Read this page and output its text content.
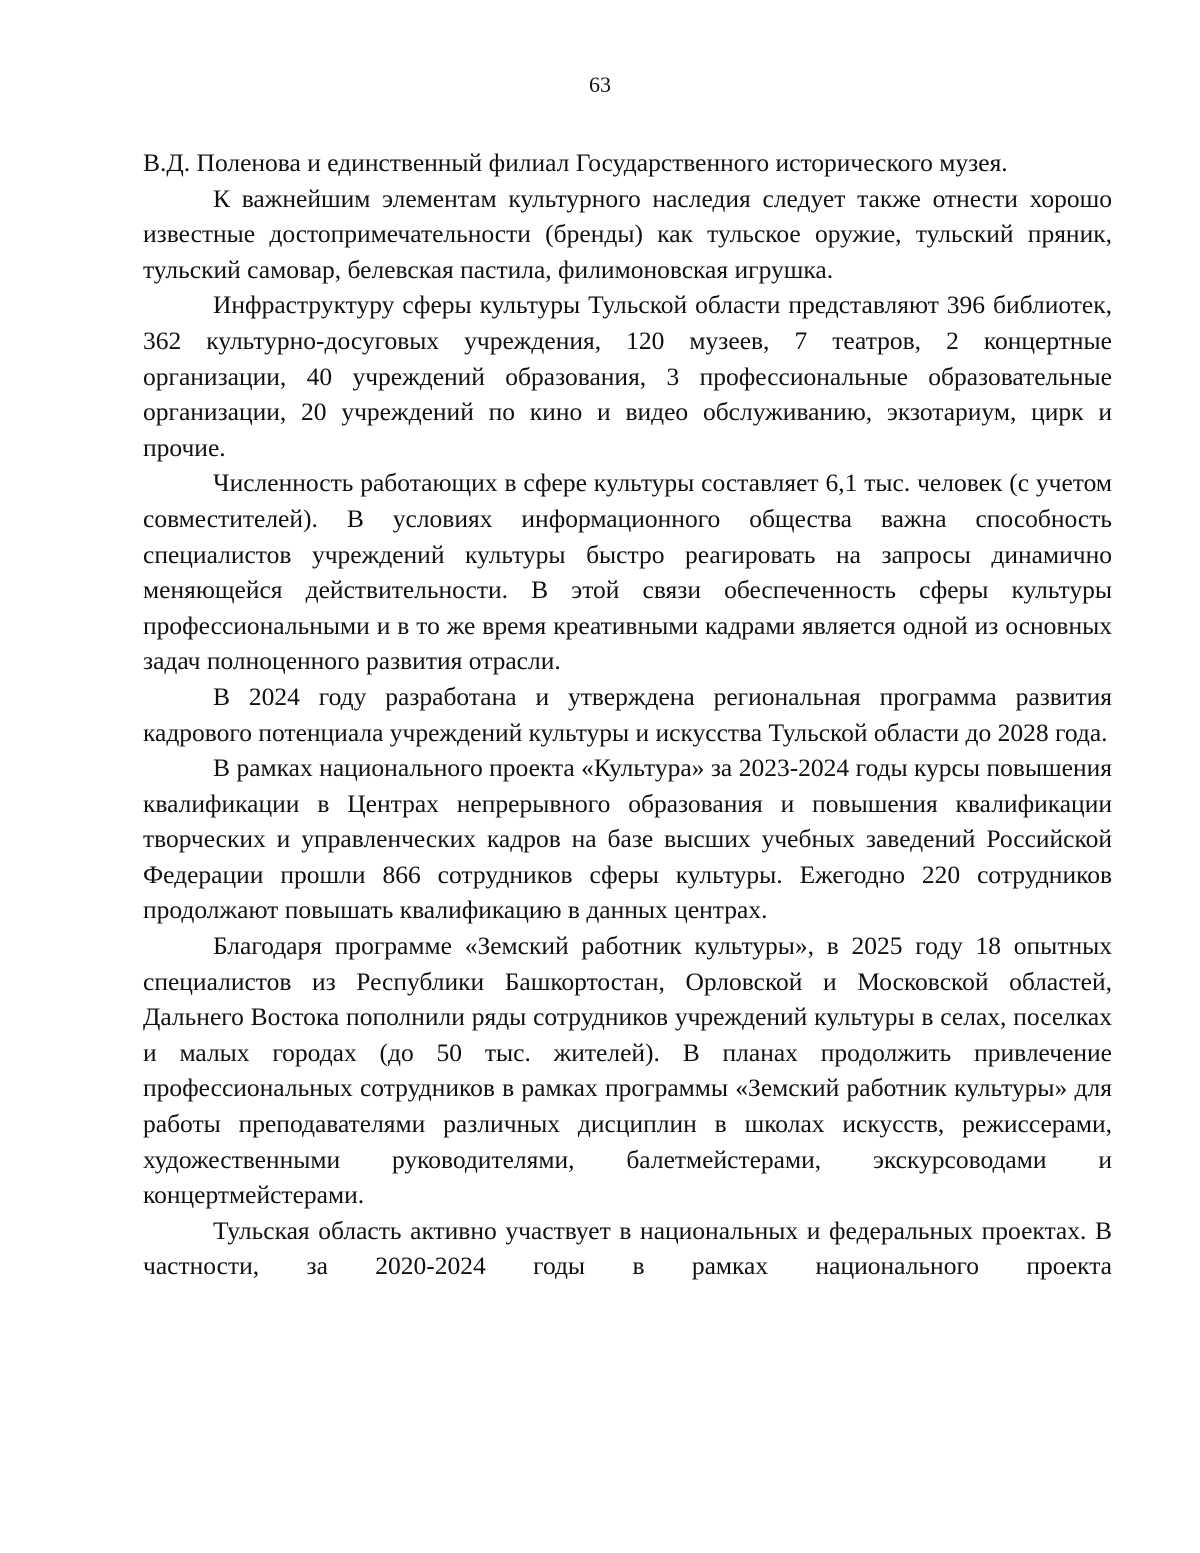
63

В.Д. Поленова и единственный филиал Государственного исторического музея.

К важнейшим элементам культурного наследия следует также отнести хорошо известные достопримечательности (бренды) как тульское оружие, тульский пряник, тульский самовар, белевская пастила, филимоновская игрушка.

Инфраструктуру сферы культуры Тульской области представляют 396 библиотек, 362 культурно-досуговых учреждения, 120 музеев, 7 театров, 2 концертные организации, 40 учреждений образования, 3 профессиональные образовательные организации, 20 учреждений по кино и видео обслуживанию, экзотариум, цирк и прочие.

Численность работающих в сфере культуры составляет 6,1 тыс. человек (с учетом совместителей). В условиях информационного общества важна способность специалистов учреждений культуры быстро реагировать на запросы динамично меняющейся действительности. В этой связи обеспеченность сферы культуры профессиональными и в то же время креативными кадрами является одной из основных задач полноценного развития отрасли.

В 2024 году разработана и утверждена региональная программа развития кадрового потенциала учреждений культуры и искусства Тульской области до 2028 года.

В рамках национального проекта «Культура» за 2023-2024 годы курсы повышения квалификации в Центрах непрерывного образования и повышения квалификации творческих и управленческих кадров на базе высших учебных заведений Российской Федерации прошли 866 сотрудников сферы культуры. Ежегодно 220 сотрудников продолжают повышать квалификацию в данных центрах.

Благодаря программе «Земский работник культуры», в 2025 году 18 опытных специалистов из Республики Башкортостан, Орловской и Московской областей, Дальнего Востока пополнили ряды сотрудников учреждений культуры в селах, поселках и малых городах (до 50 тыс. жителей). В планах продолжить привлечение профессиональных сотрудников в рамках программы «Земский работник культуры» для работы преподавателями различных дисциплин в школах искусств, режиссерами, художественными руководителями, балетмейстерами, экскурсоводами и концертмейстерами.

Тульская область активно участвует в национальных и федеральных проектах. В частности, за 2020-2024 годы в рамках национального проекта
